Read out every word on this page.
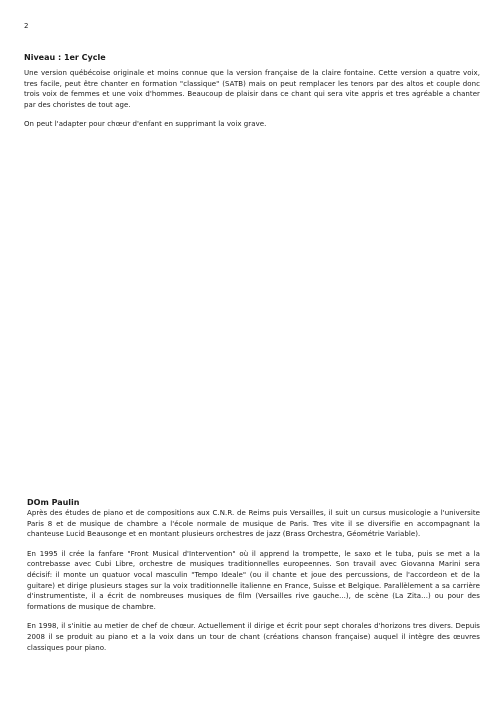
2
Niveau : 1er Cycle

Une version québécoise originale et moins connue que la version française de la claire fontaine. Cette version a quatre voix, tres facile, peut être chanter en formation "classique" (SATB) mais on peut remplacer les tenors par des altos et couple donc trois voix de femmes et une voix d'hommes. Beaucoup de plaisir dans ce chant qui sera vite appris et tres agréable a chanter par des choristes de tout age.

On peut l'adapter pour chœur d'enfant en supprimant la voix grave.

DOm Paulin

Après des études de piano et de compositions aux C.N.R. de Reims puis Versailles, il suit un cursus musicologie a l'universite Paris 8 et de musique de chambre a l'école normale de musique de Paris. Tres vite il se diversifie en accompagnant la chanteuse Lucid Beausonge et en montant plusieurs orchestres de jazz (Brass Orchestra, Géométrie Variable).

En 1995 il crée la fanfare "Front Musical d'Intervention" où il apprend la trompette, le saxo et le tuba, puis se met a la contrebasse avec Cubi Libre, orchestre de musiques traditionnelles europeennes. Son travail avec Giovanna Marini sera décisif: il monte un quatuor vocal masculin "Tempo Ideale" (ou il chante et joue des percussions, de l'accordeon et de la guitare) et dirige plusieurs stages sur la voix traditionnelle italienne en France, Suisse et Belgique. Parallèlement a sa carrière d'instrumentiste, il a écrit de nombreuses musiques de film (Versailles rive gauche...), de scène (La Zita...) ou pour des formations de musique de chambre.

En 1998, il s'initie au metier de chef de chœur. Actuellement il dirige et écrit pour sept chorales d'horizons tres divers. Depuis 2008 il se produit au piano et a la voix dans un tour de chant (créations chanson française) auquel il intègre des œuvres classiques pour piano.
